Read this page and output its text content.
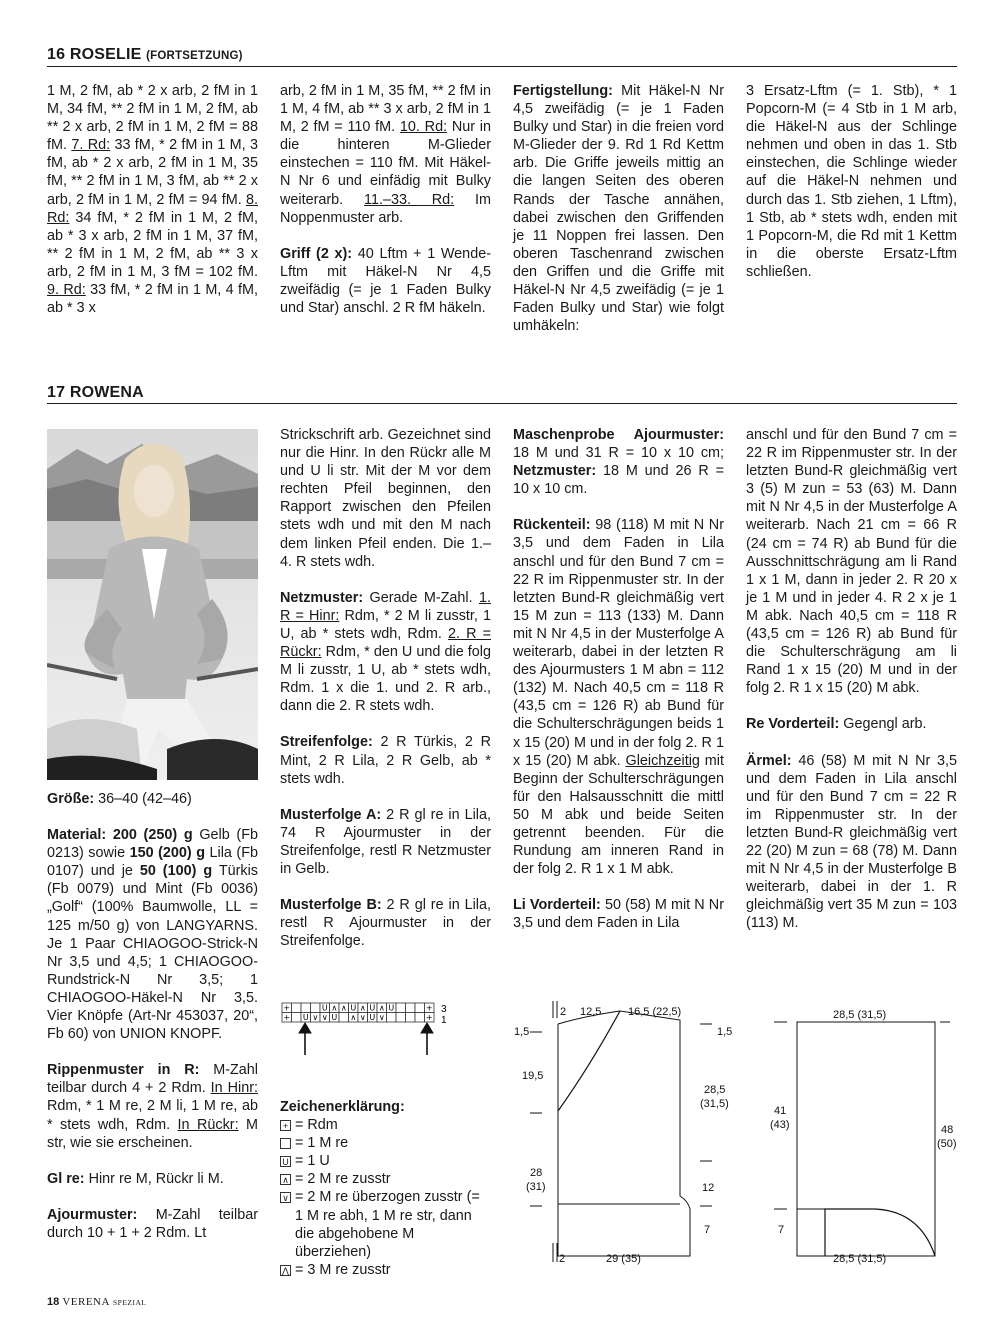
16 ROSELIE (FORTSETZUNG)

1 M, 2 fM, ab * 2 x arb, 2 fM in 1 M, 34 fM, ** 2 fM in 1 M, 2 fM, ab ** 2 x arb, 2 fM in 1 M, 2 fM = 88 fM. 7. Rd: 33 fM, * 2 fM in 1 M, 3 fM, ab * 2 x arb, 2 fM in 1 M, 35 fM, ** 2 fM in 1 M, 3 fM, ab ** 2 x arb, 2 fM in 1 M, 2 fM = 94 fM. 8. Rd: 34 fM, * 2 fM in 1 M, 2 fM, ab * 3 x arb, 2 fM in 1 M, 37 fM, ** 2 fM in 1 M, 2 fM, ab ** 3 x arb, 2 fM in 1 M, 3 fM = 102 fM. 9. Rd: 33 fM, * 2 fM in 1 M, 4 fM, ab * 3 x

arb, 2 fM in 1 M, 35 fM, ** 2 fM in 1 M, 4 fM, ab ** 3 x arb, 2 fM in 1 M, 2 fM = 110 fM. 10. Rd: Nur in die hinteren M-Glieder einstechen = 110 fM. Mit Häkel-N Nr 6 und einfädig mit Bulky weiterarb. 11.–33. Rd: Im Noppenmuster arb.

Griff (2 x): 40 Lftm + 1 Wende-Lftm mit Häkel-N Nr 4,5 zweifädig (= je 1 Faden Bulky und Star) anschl. 2 R fM häkeln.

Fertigstellung: Mit Häkel-N Nr 4,5 zweifädig (= je 1 Faden Bulky und Star) in die freien vord M-Glieder der 9. Rd 1 Rd Kettm arb. Die Griffe jeweils mittig an die langen Seiten des oberen Rands der Tasche annähen, dabei zwischen den Griffenden je 11 Noppen frei lassen. Den oberen Taschenrand zwischen den Griffen und die Griffe mit Häkel-N Nr 4,5 zweifädig (= je 1 Faden Bulky und Star) wie folgt umhäkeln:

3 Ersatz-Lftm (= 1. Stb), * 1 Popcorn-M (= 4 Stb in 1 M arb, die Häkel-N aus der Schlinge nehmen und oben in das 1. Stb einstechen, die Schlinge wieder auf die Häkel-N nehmen und durch das 1. Stb ziehen, 1 Lftm), 1 Stb, ab * stets wdh, enden mit 1 Popcorn-M, die Rd mit 1 Kettm in die oberste Ersatz-Lftm schließen.

17 ROWENA

Größe: 36–40 (42–46)

Material: 200 (250) g Gelb (Fb 0213) sowie 150 (200) g Lila (Fb 0107) und je 50 (100) g Türkis (Fb 0079) und Mint (Fb 0036) „Golf“ (100% Baumwolle, LL = 125 m/50 g) von LANGYARNS. Je 1 Paar CHIAOGOO-Strick-N Nr 3,5 und 4,5; 1 CHIAOGOO-Rundstrick-N Nr 3,5; 1 CHIAOGOO-Häkel-N Nr 3,5. Vier Knöpfe (Art-Nr 453037, 20“, Fb 60) von UNION KNOPF.

Rippenmuster in R: M-Zahl teilbar durch 4 + 2 Rdm. In Hinr: Rdm, * 1 M re, 2 M li, 1 M re, ab * stets wdh, Rdm. In Rückr: M str, wie sie erscheinen.

Gl re: Hinr re M, Rückr li M.

Ajourmuster: M-Zahl teilbar durch 10 + 1 + 2 Rdm. Lt

Strickschrift arb. Gezeichnet sind nur die Hinr. In den Rückr alle M und U li str. Mit der M vor dem rechten Pfeil beginnen, den Rapport zwischen den Pfeilen stets wdh und mit den M nach dem linken Pfeil enden. Die 1.–4. R stets wdh.

Netzmuster: Gerade M-Zahl. 1. R = Hinr: Rdm, * 2 M li zusstr, 1 U, ab * stets wdh, Rdm. 2. R = Rückr: Rdm, * den U und die folg M li zusstr, 1 U, ab * stets wdh, Rdm. 1 x die 1. und 2. R arb., dann die 2. R stets wdh.

Streifenfolge: 2 R Türkis, 2 R Mint, 2 R Lila, 2 R Gelb, ab * stets wdh.

Musterfolge A: 2 R gl re in Lila, 74 R Ajourmuster in der Streifenfolge, restl R Netzmuster in Gelb.

Musterfolge B: 2 R gl re in Lila, restl R Ajourmuster in der Streifenfolge.

+	U ∧ ∧ U ∧ U ∧ U	+
+ U ∨ ∨ U ∧ ∨ U ∨	+
3
1
Zeichenerklärung:
+ = Rdm
= 1 M re
U = 1 U
∧ = 2 M re zusstr
∨ = 2 M re überzogen zusstr (= 1 M re abh, 1 M re str, dann die abgehobene M überziehen)
⋀ = 3 M re zusstr

Maschenprobe Ajourmuster: 18 M und 31 R = 10 x 10 cm; Netzmuster: 18 M und 26 R = 10 x 10 cm.

Rückenteil: 98 (118) M mit N Nr 3,5 und dem Faden in Lila anschl und für den Bund 7 cm = 22 R im Rippenmuster str. In der letzten Bund-R gleichmäßig vert 15 M zun = 113 (133) M. Dann mit N Nr 4,5 in der Musterfolge A weiterarb, dabei in der letzten R des Ajourmusters 1 M abn = 112 (132) M. Nach 40,5 cm = 118 R (43,5 cm = 126 R) ab Bund für die Schulterschrägungen beids 1 x 15 (20) M und in der folg 2. R 1 x 15 (20) M abk. Gleichzeitig mit Beginn der Schulterschrägungen für den Halsausschnitt die mittl 50 M abk und beide Seiten getrennt beenden. Für die Rundung am inneren Rand in der folg 2. R 1 x 1 M abk.

Li Vorderteil: 50 (58) M mit N Nr 3,5 und dem Faden in Lila

anschl und für den Bund 7 cm = 22 R im Rippenmuster str. In der letzten Bund-R gleichmäßig vert 3 (5) M zun = 53 (63) M. Dann mit N Nr 4,5 in der Musterfolge A weiterarb. Nach 21 cm = 66 R (24 cm = 74 R) ab Bund für die Ausschnittschrägung am li Rand 1 x 1 M, dann in jeder 2. R 20 x je 1 M und in jeder 4. R 2 x je 1 M abk. Nach 40,5 cm = 118 R (43,5 cm = 126 R) ab Bund für die Schulterschrägung am li Rand 1 x 15 (20) M und in der folg 2. R 1 x 15 (20) M abk.

Re Vorderteil: Gegengl arb.

Ärmel: 46 (58) M mit N Nr 3,5 und dem Faden in Lila anschl und für den Bund 7 cm = 22 R im Rippenmuster str. In der letzten Bund-R gleichmäßig vert 22 (20) M zun = 68 (78) M. Dann mit N Nr 4,5 in der Musterfolge B weiterarb, dabei in der 1. R gleichmäßig vert 35 M zun = 103 (113) M.

2 12,5 16,5 (22,5)
1,5	1,5
19,5
28,5
(31,5)
28
(31)	12
7
2	29 (35)
28,5 (31,5)
41
(43)	48
(50)
7
28,5 (31,5)
18 VERENA SPEZIAL
